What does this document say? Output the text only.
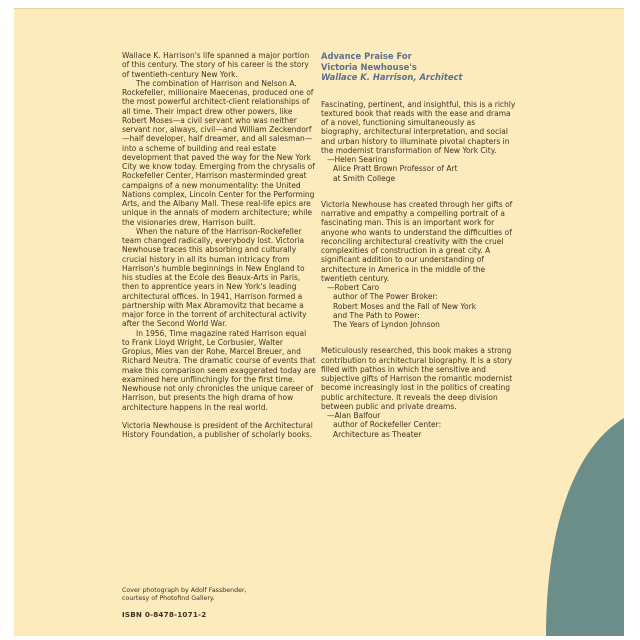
Wallace K. Harrison's life spanned a major portion of this century. The story of his career is the story of twentieth-century New York.

The combination of Harrison and Nelson A. Rockefeller, millionaire Maecenas, produced one of the most powerful architect-client relationships of all time. Their impact drew other powers, like Robert Moses—a civil servant who was neither servant nor, always, civil—and William Zeckendorf—half developer, half dreamer, and all salesman—into a scheme of building and real estate development that paved the way for the New York City we know today. Emerging from the chrysalis of Rockefeller Center, Harrison masterminded great campaigns of a new monumentality: the United Nations complex, Lincoln Center for the Performing Arts, and the Albany Mall. These real-life epics are unique in the annals of modern architecture; while the visionaries drew, Harrison built.

When the nature of the Harrison-Rockefeller team changed radically, everybody lost. Victoria Newhouse traces this absorbing and culturally crucial history in all its human intricacy from Harrison's humble beginnings in New England to his studies at the Ecole des Beaux-Arts in Paris, then to apprentice years in New York's leading architectural offices. In 1941, Harrison formed a partnership with Max Abramovitz that became a major force in the torrent of architectural activity after the Second World War.

In 1956, Time magazine rated Harrison equal to Frank Lloyd Wright, Le Corbusier, Walter Gropius, Mies van der Rohe, Marcel Breuer, and Richard Neutra. The dramatic course of events that make this comparison seem exaggerated today are examined here unflinchingly for the first time. Newhouse not only chronicles the unique career of Harrison, but presents the high drama of how architecture happens in the real world.

Victoria Newhouse is president of the Architectural History Foundation, a publisher of scholarly books.

Advance Praise For
Victoria Newhouse's
Wallace K. Harrison, Architect

Fascinating, pertinent, and insightful, this is a richly textured book that reads with the ease and drama of a novel, functioning simultaneously as biography, architectural interpretation, and social and urban history to illuminate pivotal chapters in the modernist transformation of New York City.

—Helen Searing
Alice Pratt Brown Professor of Art
at Smith College

Victoria Newhouse has created through her gifts of narrative and empathy a compelling portrait of a fascinating man. This is an important work for anyone who wants to understand the difficulties of reconciling architectural creativity with the cruel complexities of construction in a great city. A significant addition to our understanding of architecture in America in the middle of the twentieth century.

—Robert Caro
author of The Power Broker:
Robert Moses and the Fall of New York
and The Path to Power:
The Years of Lyndon Johnson

Meticulously researched, this book makes a strong contribution to architectural biography. It is a story filled with pathos in which the sensitive and subjective gifts of Harrison the romantic modernist become increasingly lost in the politics of creating public architecture. It reveals the deep division between public and private dreams.

—Alan Balfour
author of Rockefeller Center:
Architecture as Theater
Cover photograph by Adolf Fassbender,
courtesy of Photofind Gallery.
ISBN 0-8478-1071-2
